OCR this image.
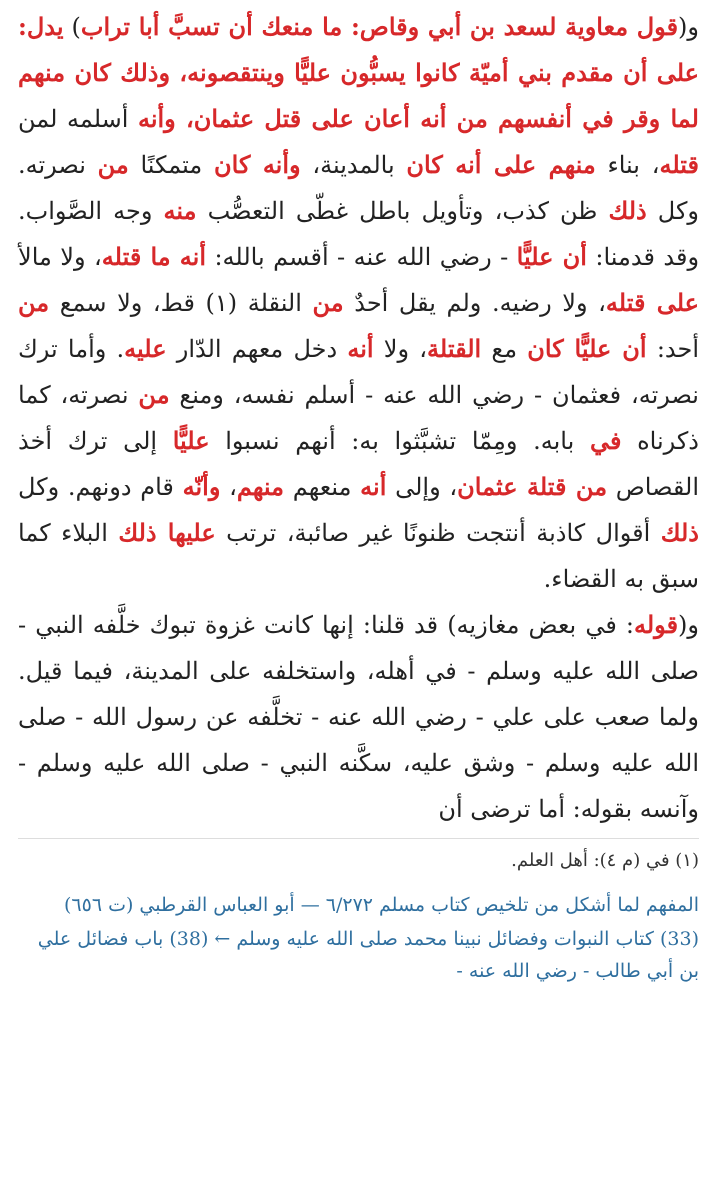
و(قول معاوية لسعد بن أبي وقاص: ما منعك أن تسبَّ أبا تراب) يدل: على أن مقدم بني أميّة كانوا يسبُّون عليًّا وينتقصونه، وذلك كان منهم لما وقر في أنفسهم من أنه أعان على قتل عثمان، وأنه أسلمه لمن قتله، بناء منهم على أنه كان بالمدينة، وأنه كان متمكنًا من نصرته. وكل ذلك ظن كذب، وتأويل باطل غطّى التعصُّب منه وجه الصَّواب. وقد قدمنا: أن عليًّا - رضي الله عنه - أقسم بالله: أنه ما قتله، ولا مالأ على قتله، ولا رضيه. ولم يقل أحدٌ من النقلة (١) قط، ولا سمع من أحد: أن عليًّا كان مع القتلة، ولا أنه دخل معهم الدّار عليه. وأما ترك نصرته، فعثمان - رضي الله عنه - أسلم نفسه، ومنع من نصرته، كما ذكرناه في بابه. ومِمّا تشبَّثوا به: أنهم نسبوا عليًّا إلى ترك أخذ القصاص من قتلة عثمان، وإلى أنه منعهم منهم، وأنّه قام دونهم. وكل ذلك أقوال كاذبة أنتجت ظنونًا غير صائبة، ترتب عليها ذلك البلاء كما سبق به القضاء.

و(قوله: في بعض مغازيه) قد قلنا: إنها كانت غزوة تبوك خلَّفه النبي - صلى الله عليه وسلم - في أهله، واستخلفه على المدينة، فيما قيل. ولما صعب على علي - رضي الله عنه - تخلَّفه عن رسول الله - صلى الله عليه وسلم - وشق عليه، سكَّنه النبي - صلى الله عليه وسلم - وآنسه بقوله: أما ترضى أن

(١) في (م ٤): أهل العلم.

المفهم لما أشكل من تلخيص كتاب مسلم ٦/٢٧٢ — أبو العباس القرطبي (ت ٦٥٦)
(33) كتاب النبوات وفضائل نبينا محمد صلى الله عليه وسلم ← (38) باب فضائل علي بن أبي طالب - رضي الله عنه -
